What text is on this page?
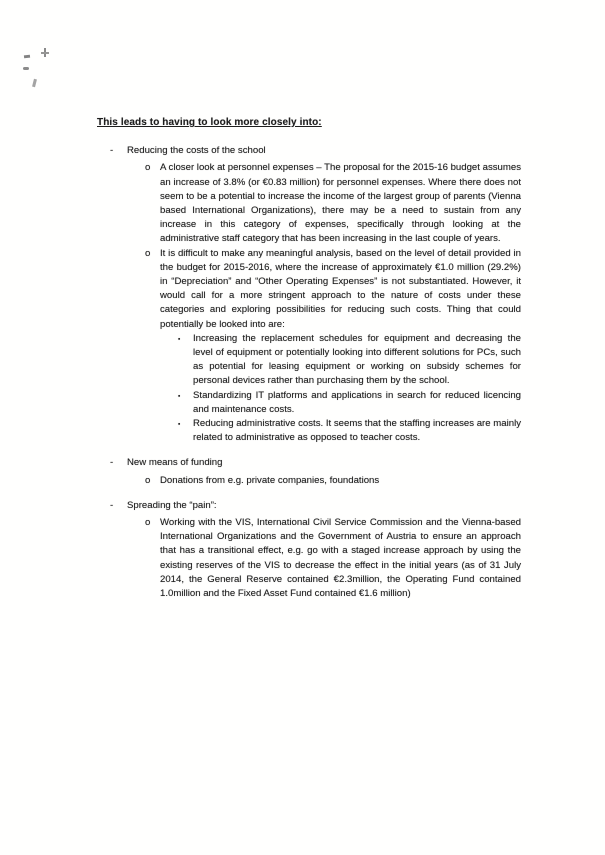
This leads to having to look more closely into:
-	Reducing the costs of the school
o	A closer look at personnel expenses – The proposal for the 2015-16 budget assumes an increase of 3.8% (or €0.83 million) for personnel expenses. Where there does not seem to be a potential to increase the income of the largest group of parents (Vienna based International Organizations), there may be a need to sustain from any increase in this category of expenses, specifically through looking at the administrative staff category that has been increasing in the last couple of years.

o	It is difficult to make any meaningful analysis, based on the level of detail provided in the budget for 2015-2016, where the increase of approximately €1.0 million (29.2%) in “Depreciation” and “Other Operating Expenses” is not substantiated. However, it would call for a more stringent approach to the nature of costs under these categories and exploring possibilities for reducing such costs. Thing that could potentially be looked into are:

▪	Increasing the replacement schedules for equipment and decreasing the level of equipment or potentially looking into different solutions for PCs, such as potential for leasing equipment or working on subsidy schemes for personal devices rather than purchasing them by the school.

▪	Standardizing IT platforms and applications in search for reduced licencing and maintenance costs.

▪	Reducing administrative costs. It seems that the staffing increases are mainly related to administrative as opposed to teacher costs.

-	New means of funding
o	Donations from e.g. private companies, foundations

-	Spreading the “pain”:
o	Working with the VIS, International Civil Service Commission and the Vienna-based International Organizations and the Government of Austria to ensure an approach that has a transitional effect, e.g. go with a staged increase approach by using the existing reserves of the VIS to decrease the effect in the initial years (as of 31 July 2014, the General Reserve contained €2.3million, the Operating Fund contained 1.0million and the Fixed Asset Fund contained €1.6 million)
